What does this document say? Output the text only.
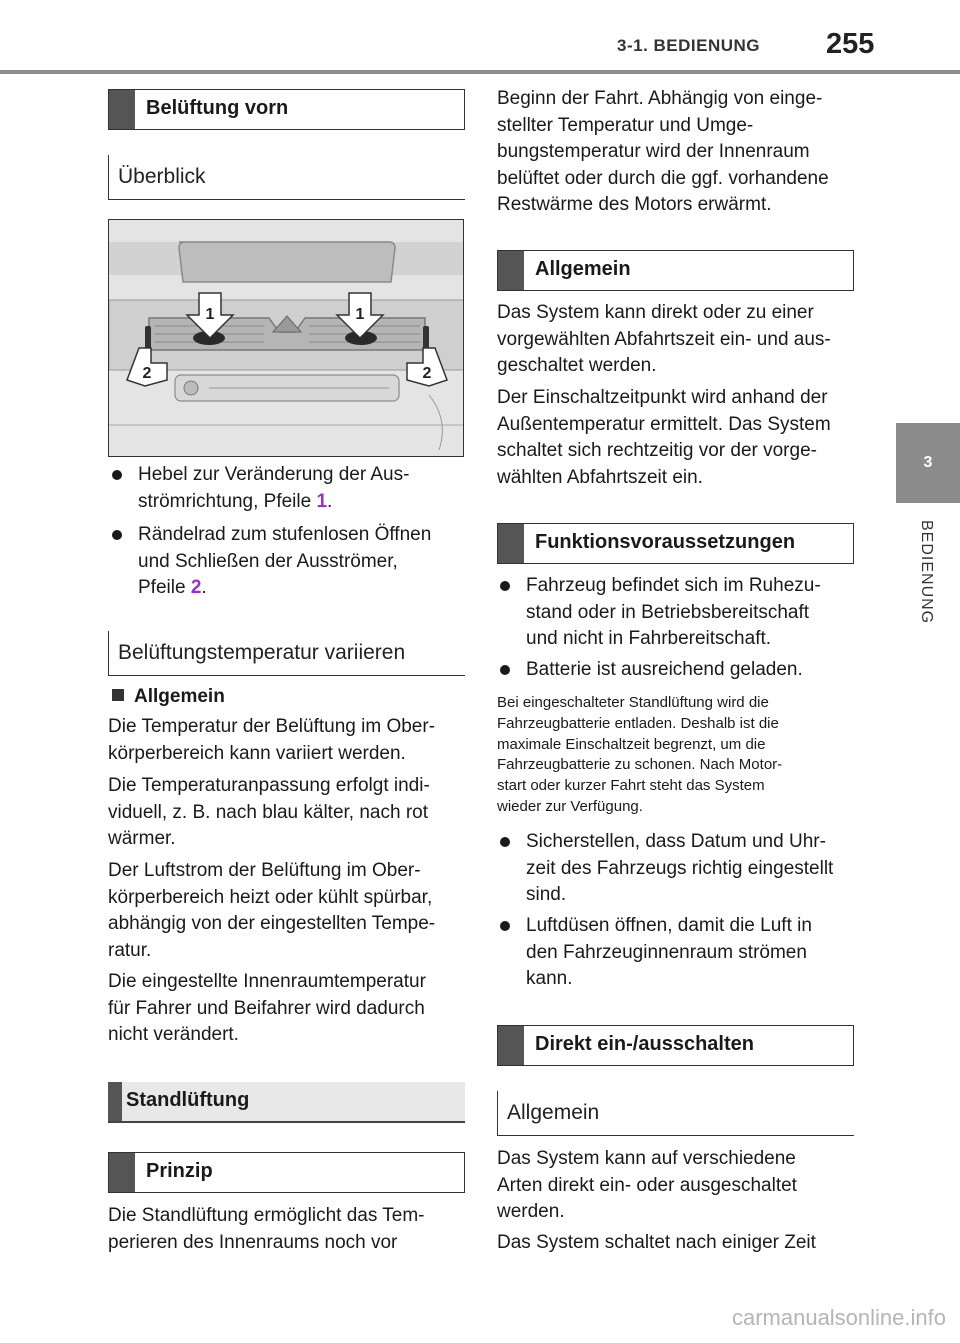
3-1. BEDIENUNG 255
3
BEDIENUNG
Belüftung vorn
Überblick
1	1
2	2
Hebel zur Veränderung der Aus-
strömrichtung, Pfeile 1.
Rändelrad zum stufenlosen Öffnen
und Schließen der Ausströmer,
Pfeile 2.
Belüftungstemperatur variieren
Allgemein
Die Temperatur der Belüftung im Ober-
körperbereich kann variiert werden.
Die Temperaturanpassung erfolgt indi-
viduell, z. B. nach blau kälter, nach rot
wärmer.
Der Luftstrom der Belüftung im Ober-
körperbereich heizt oder kühlt spürbar,
abhängig von der eingestellten Tempe-
ratur.
Die eingestellte Innenraumtemperatur
für Fahrer und Beifahrer wird dadurch
nicht verändert.
Standlüftung
Prinzip
Die Standlüftung ermöglicht das Tem-
perieren des Innenraums noch vor
Beginn der Fahrt. Abhängig von einge-
stellter Temperatur und Umge-
bungstemperatur wird der Innenraum
belüftet oder durch die ggf. vorhandene
Restwärme des Motors erwärmt.
Allgemein
Das System kann direkt oder zu einer
vorgewählten Abfahrtszeit ein- und aus-
geschaltet werden.
Der Einschaltzeitpunkt wird anhand der
Außentemperatur ermittelt. Das System
schaltet sich rechtzeitig vor der vorge-
wählten Abfahrtszeit ein.
Funktionsvoraussetzungen
Fahrzeug befindet sich im Ruhezu-
stand oder in Betriebsbereitschaft
und nicht in Fahrbereitschaft.
Batterie ist ausreichend geladen.
Bei eingeschalteter Standlüftung wird die
Fahrzeugbatterie entladen. Deshalb ist die
maximale Einschaltzeit begrenzt, um die
Fahrzeugbatterie zu schonen. Nach Motor-
start oder kurzer Fahrt steht das System
wieder zur Verfügung.
Sicherstellen, dass Datum und Uhr-
zeit des Fahrzeugs richtig eingestellt
sind.
Luftdüsen öffnen, damit die Luft in
den Fahrzeuginnenraum strömen
kann.
Direkt ein-/ausschalten
Allgemein
Das System kann auf verschiedene
Arten direkt ein- oder ausgeschaltet
werden.
Das System schaltet nach einiger Zeit
carmanualsonline.info
